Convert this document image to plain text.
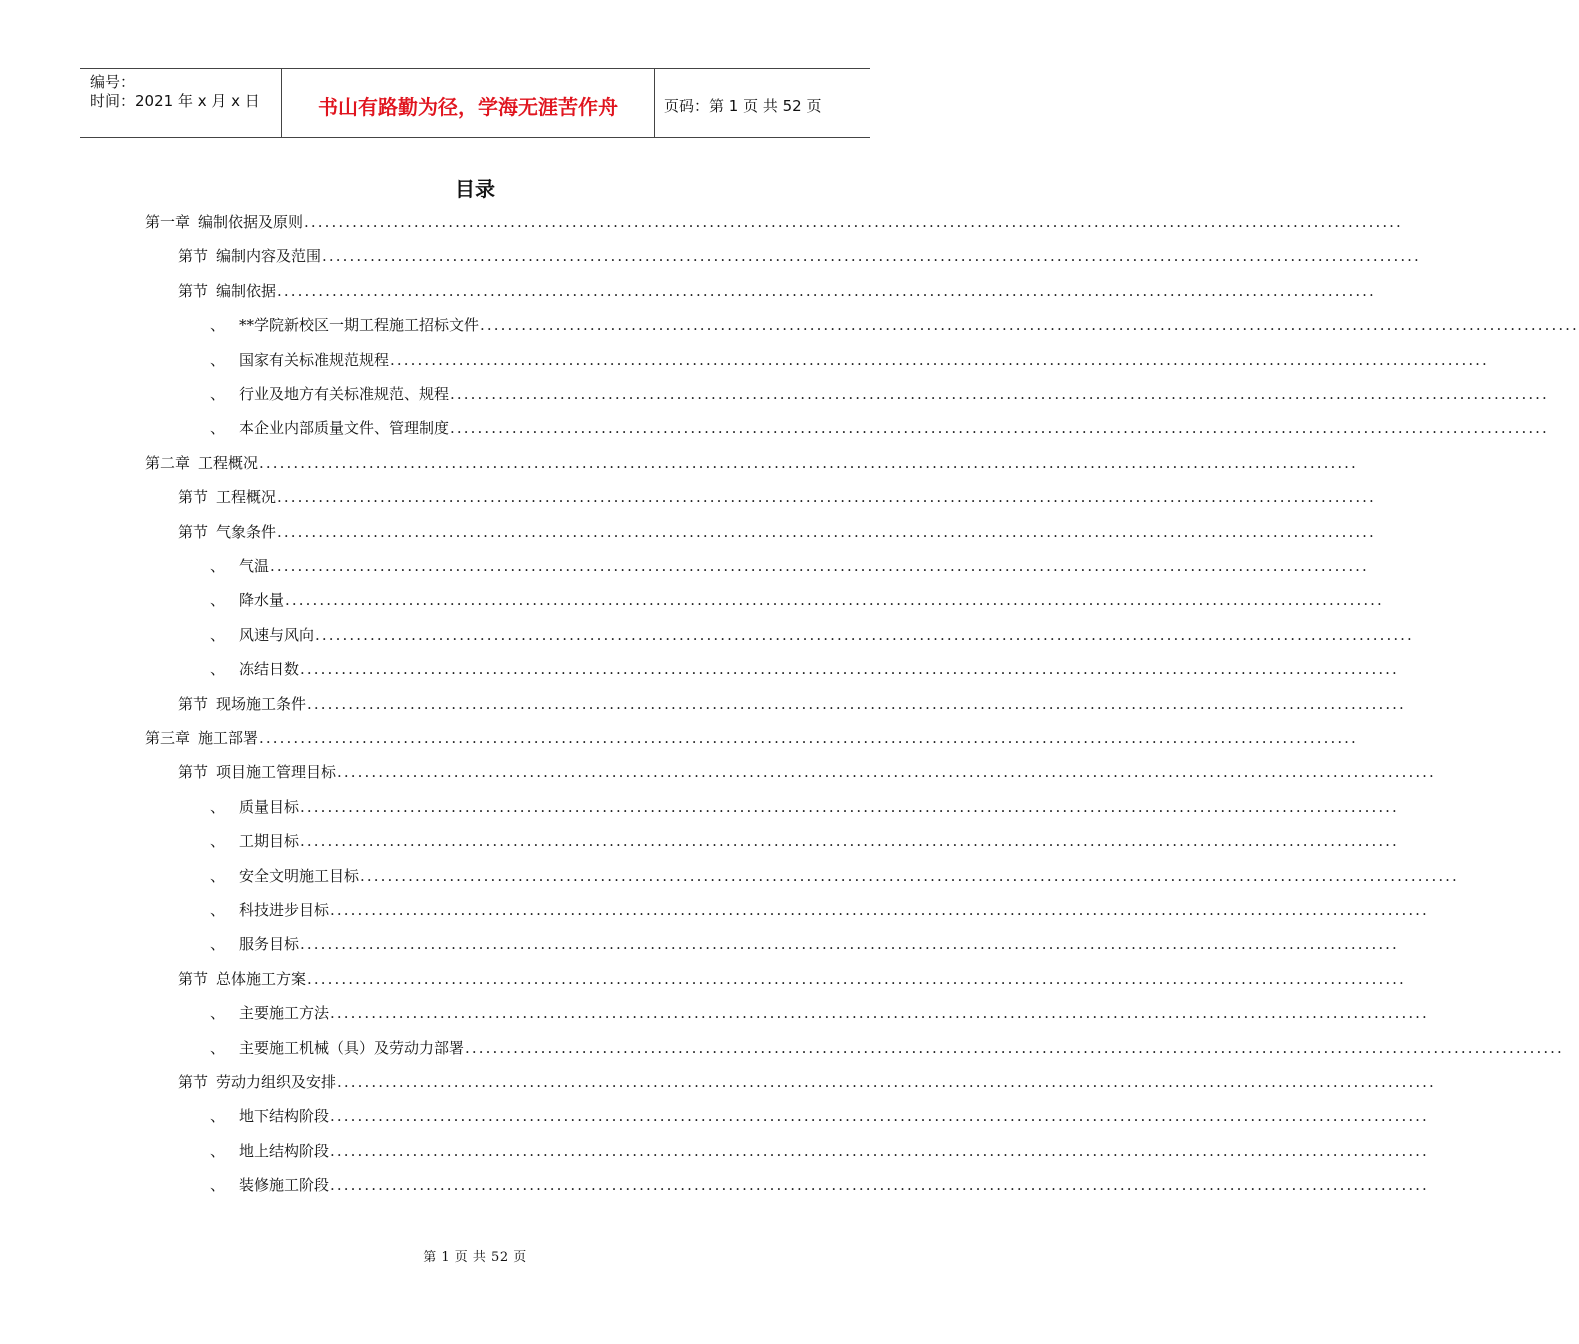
编号：
时间：2021 年 x 月 x 日	书山有路勤为径，学海无涯苦作舟	页码：第 1 页 共 52 页
目录
第一章 编制依据及原则 ................................................................................................................................................................
第节 编制内容及范围 ................................................................................................................................................................
第节 编制依据 ................................................................................................................................................................
、 **学院新校区一期工程施工招标文件 ................................................................................................................................................................
、 国家有关标准规范规程 ................................................................................................................................................................
、 行业及地方有关标准规范、规程 ................................................................................................................................................................
、 本企业内部质量文件、管理制度 ................................................................................................................................................................
第二章 工程概况 ................................................................................................................................................................
第节 工程概况 ................................................................................................................................................................
第节 气象条件 ................................................................................................................................................................
、 气温 ................................................................................................................................................................
、 降水量 ................................................................................................................................................................
、 风速与风向 ................................................................................................................................................................
、 冻结日数 ................................................................................................................................................................
第节 现场施工条件 ................................................................................................................................................................
第三章 施工部署 ................................................................................................................................................................
第节 项目施工管理目标 ................................................................................................................................................................
、 质量目标 ................................................................................................................................................................
、 工期目标 ................................................................................................................................................................
、 安全文明施工目标 ................................................................................................................................................................
、 科技进步目标 ................................................................................................................................................................
、 服务目标 ................................................................................................................................................................
第节 总体施工方案 ................................................................................................................................................................
、 主要施工方法 ................................................................................................................................................................
、 主要施工机械（具）及劳动力部署 ................................................................................................................................................................
第节 劳动力组织及安排 ................................................................................................................................................................
、 地下结构阶段 ................................................................................................................................................................
、 地上结构阶段 ................................................................................................................................................................
、 装修施工阶段 ................................................................................................................................................................
第 1 页 共 52 页
